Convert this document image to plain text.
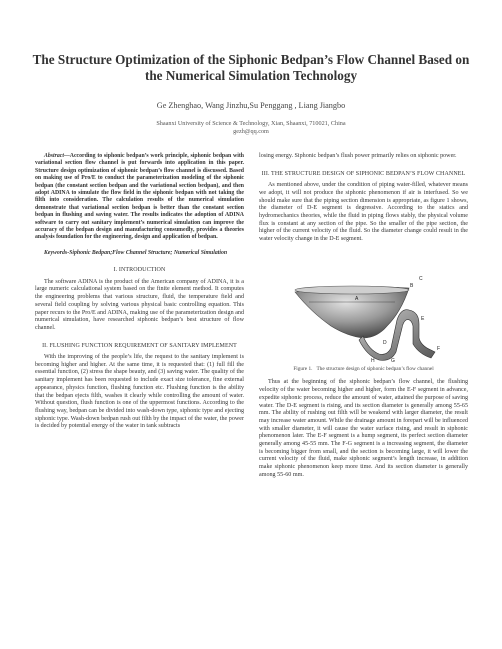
The Structure Optimization of the Siphonic Bedpan’s Flow Channel Based on the Numerical Simulation Technology
Ge Zhenghao, Wang Jinzhu,Su Penggang , Liang Jiangbo
Shaanxi University of Science & Technology, Xian, Shaanxi, 710021, China
gezh@qq.com

Abstract—According to siphonic bedpan’s work principle, siphonic bedpan with variational section flow channel is put forwards into application in this paper. Structure design optimization of siphonic bedpan’s flow channel is discussed. Based on making use of Pro/E to conduct the parameterization modeling of the siphonic bedpan (the constant section bedpan and the variational section bedpan), and then adopt ADINA to simulate the flow field in the siphonic bedpan with not taking the filth into consideration. The calculation results of the numerical simulation demonstrate that variational section bedpan is better than the constant section bedpan in flushing and saving water. The results indicates the adoption of ADINA software to carry out sanitary implement’s numerical simulation can improve the accuracy of the bedpan design and manufacturing consumedly, provides a theories analysis foundation for the engineering, design and application of bedpan.

Keywords-Siphonic Bedpan;Flow Channel Structure; Numerical Simulation

I. INTRODUCTION

The software ADINA is the product of the American company of ADINA, it is a large numeric calculational system based on the finite element method. It computes the engineering problems that various structure, fluid, the temperature field and several field coupling by solving various physical basic controlling equation. This paper recurs to the Pro/E and ADINA, making use of the parameterization design and numerical simulation, have researched siphonic bedpan’s best structure of flow channel.

II. FLUSHING FUNCTION REQUIREMENT OF SANITARY IMPLEMENT

With the improving of the people’s life, the request to the sanitary implement is becoming higher and higher. At the same time, it is requested that: (1) full fill the essential function, (2) stress the shape beauty, and (3) saving water. The quality of the sanitary implement has been requested to include exact size tolerance, fine external appearance, physics function, flushing function etc. Flushing function is the ability that the bedpan ejects filth, washes it clearly while controlling the amount of water. Without question, flush function is one of the uppermost functions. According to the flushing way, bedpan can be divided into wash-down type, siphonic type and ejecting siphonic type. Wash-down bedpan rush out filth by the impact of the water, the power is decided by potential energy of the water in tank subtracts

losing energy. Siphonic bedpan’s flush power primarily relies on siphonic power.

III. THE STRUCTURE DESIGN OF SIPHONIC BEDPAN’S FLOW CHANNEL

As mentioned above, under the condition of piping water-filled, whatever means we adopt, it will not produce the siphonic phenomenon if air is interfused. So we should make sure that the piping section dimension is appropriate, as figure 1 shows, the diameter of D-E segment is degressive. According to the statics and hydromechanics theories, while the fluid in piping flows stably, the physical volume flux is constant at any section of the pipe. So the smaller of the pipe section, the higher of the current velocity of the fluid. So the diameter change could result in the water velocity change in the D-E segment.

A
B
C
D
E
F
G
H

Figure 1. The structure design of siphonic bedpan’s flow channel

Thus at the beginning of the siphonic bedpan’s flow channel, the flushing velocity of the water becoming higher and higher, form the E-F segment in advance, expedite siphonic process, reduce the amount of water, attained the purpose of saving water. The D-E segment is rising, and its section diameter is generally among 55-65 mm. The ability of rushing out filth will be weakend with larger diameter, the result may increase water amount. While the drainage amount in forepart will be influenced with smaller diameter, it will cause the water surface rising, and result in siphonic phenomenon later. The E-F segment is a hump segment, its perfect section diameter generally among 45-55 mm. The F-G segment is a increasing segment, the diameter is becoming bigger from small, and the section is becoming large, it will lower the current velocity of the fluid, make siphonic segment’s length increase, in addition make siphonic phenomenon keep more time. And its section diameter is generally among 55-60 mm.
